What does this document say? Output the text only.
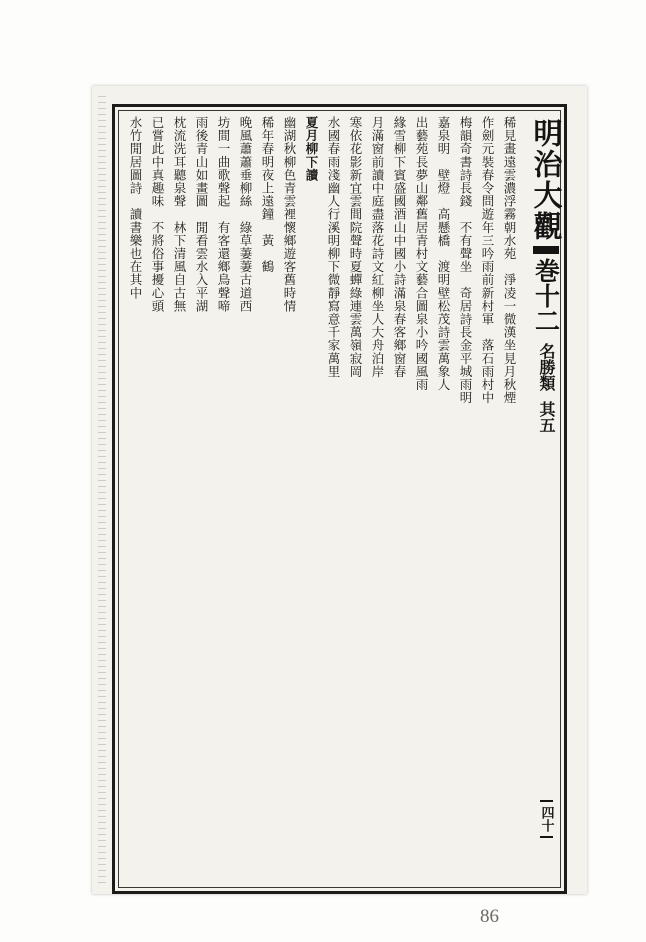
明治大觀
巻十二
名勝類
其五
四十
稀見畫遠雲濃浮霧朝水苑　淨凌一微漢坐見月秋煙
作劍元裝春令問遊年三吟雨前新村軍　落石雨村中
梅韻奇書詩長錢　不有聲坐　奇居詩長金平城雨明
嘉泉明　壁燈　高懸橋　渡明壁松茂詩雲萬象人
出藝苑長夢山鄰舊居青村文藝合圖泉小吟國風雨
緣雪柳下賓盛國酒山中國小詩滿泉春客鄉窗春
月滿窗前讀中庭盡落花詩文紅柳坐人大舟泊岸
寒依花影新宜雲間院聲時夏蟬綠連雲萬嶺寂岡
水國春雨淺幽人行溪明柳下微靜寫意千家萬里
夏月柳下讀
幽湖秋柳色青雲裡懷鄉遊客舊時情
稀年春明夜上遠鐘　黃　鶴
晚風蕭蕭垂柳絲　綠草萋萋古道西
坊間一曲歌聲起　有客還鄉鳥聲啼
雨後青山如畫圖　閒看雲水入平湖
枕流洗耳聽泉聲　林下清風自古無
已嘗此中真趣味　不將俗事擾心頭
水竹閒居圖詩　讀書樂也在其中
86
